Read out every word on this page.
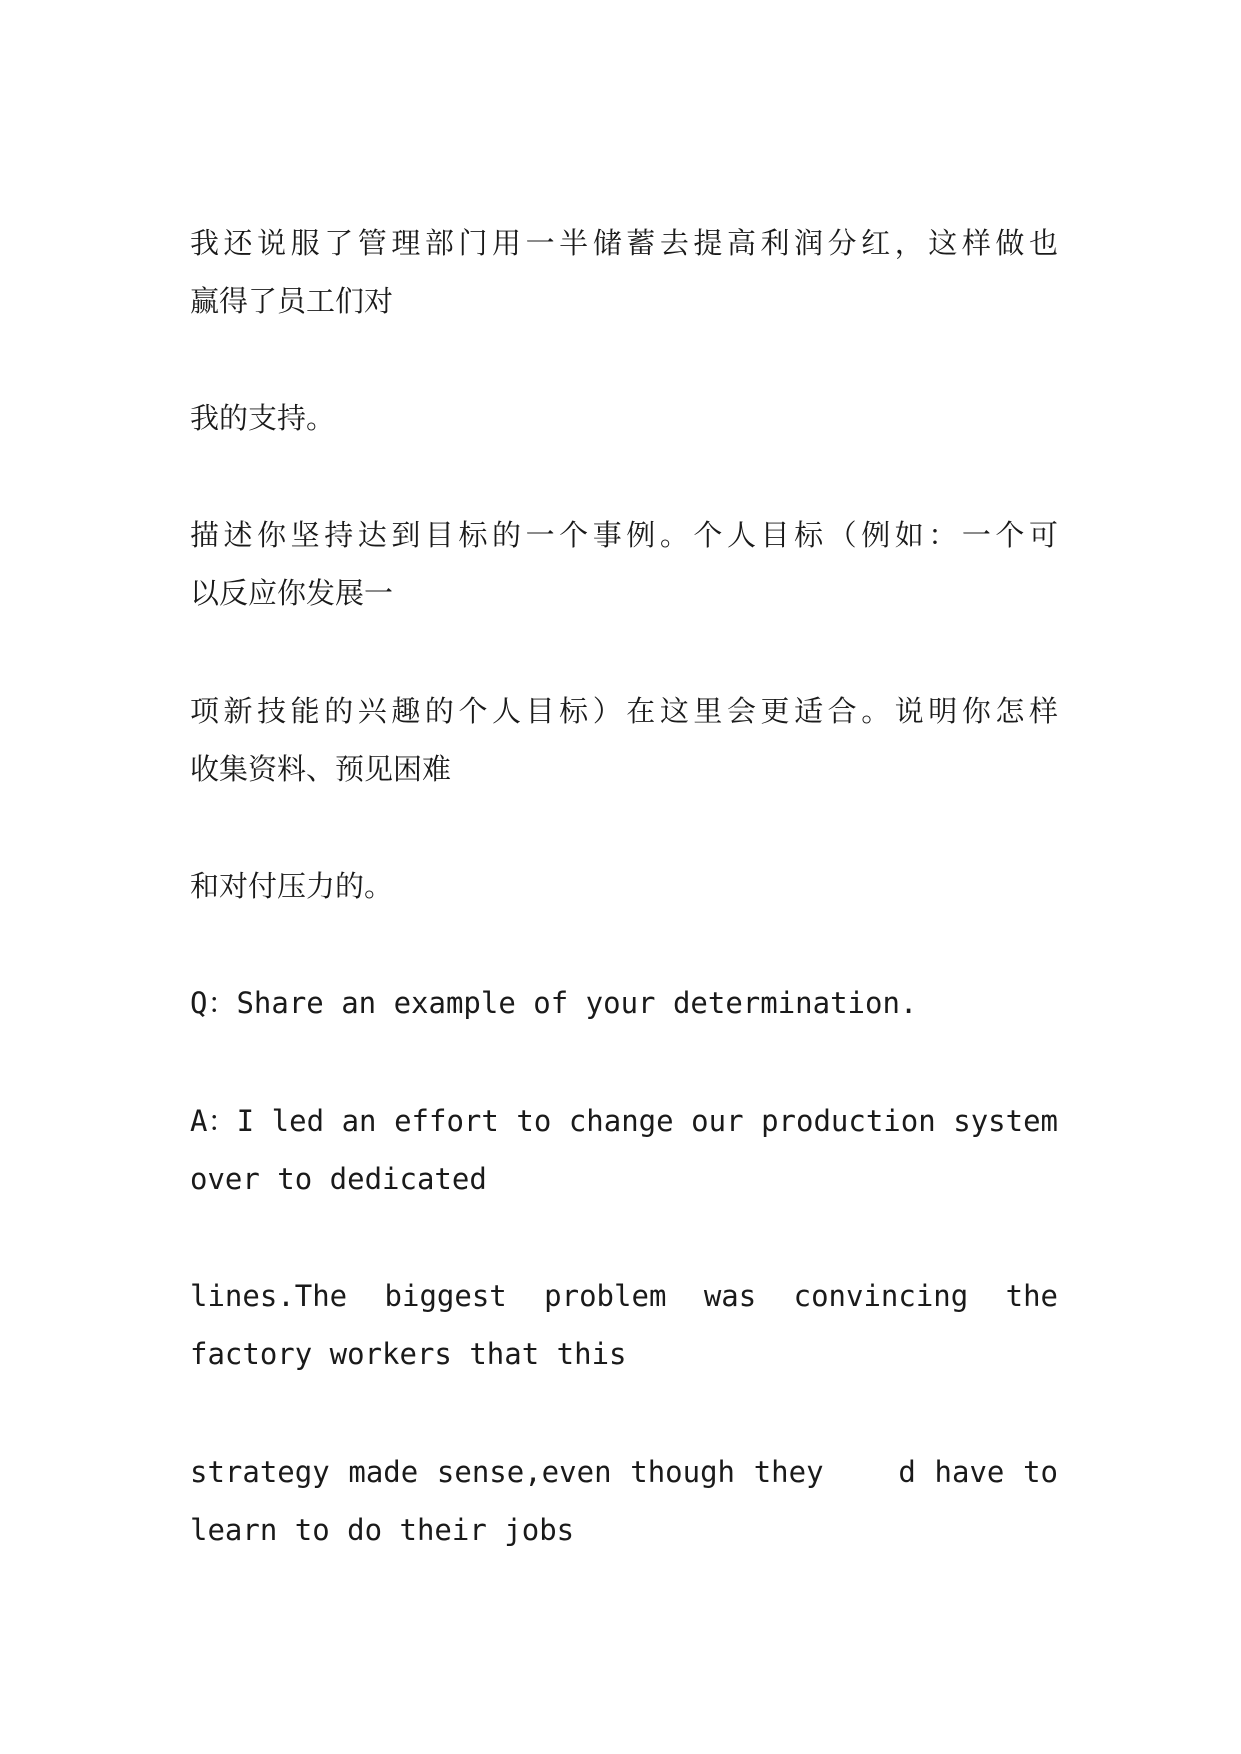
我还说服了管理部门用一半储蓄去提高利润分红，这样做也
赢得了员工们对
我的支持。
描述你坚持达到目标的一个事例。个人目标（例如：一个可
以反应你发展一
项新技能的兴趣的个人目标）在这里会更适合。说明你怎样
收集资料、预见困难
和对付压力的。
Q：Share an example of your determination.
A：I led an effort to change our production system
over to dedicated
lines.The biggest problem was convincing the
factory workers that this
strategy made sense,even though they    d have to
learn to do their jobs
